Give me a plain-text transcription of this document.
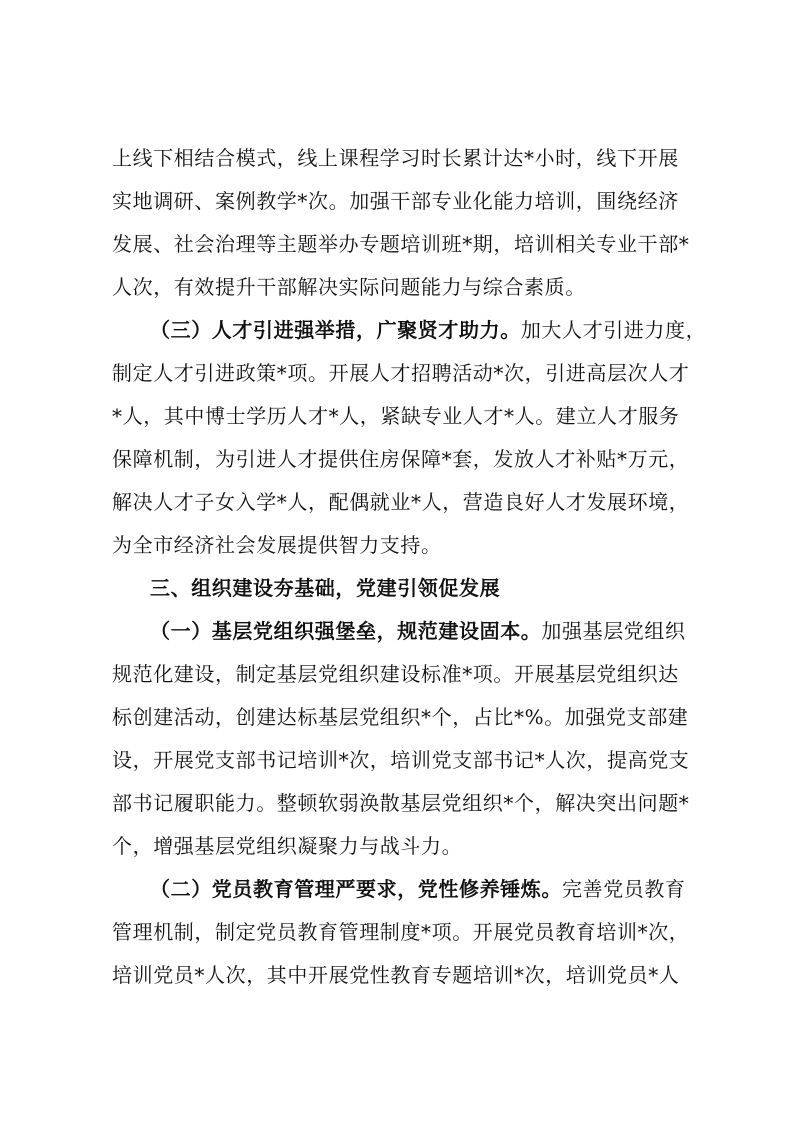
上线下相结合模式，线上课程学习时长累计达*小时，线下开展
实地调研、案例教学*次。加强干部专业化能力培训，围绕经济
发展、社会治理等主题举办专题培训班*期，培训相关专业干部*
人次，有效提升干部解决实际问题能力与综合素质。
（三）人才引进强举措，广聚贤才助力。加大人才引进力度，
制定人才引进政策*项。开展人才招聘活动*次，引进高层次人才
*人，其中博士学历人才*人，紧缺专业人才*人。建立人才服务
保障机制，为引进人才提供住房保障*套，发放人才补贴*万元，
解决人才子女入学*人，配偶就业*人，营造良好人才发展环境，
为全市经济社会发展提供智力支持。
三、组织建设夯基础，党建引领促发展
（一）基层党组织强堡垒，规范建设固本。加强基层党组织
规范化建设，制定基层党组织建设标准*项。开展基层党组织达
标创建活动，创建达标基层党组织*个，占比*%。加强党支部建
设，开展党支部书记培训*次，培训党支部书记*人次，提高党支
部书记履职能力。整顿软弱涣散基层党组织*个，解决突出问题*
个，增强基层党组织凝聚力与战斗力。
（二）党员教育管理严要求，党性修养锤炼。完善党员教育
管理机制，制定党员教育管理制度*项。开展党员教育培训*次，
培训党员*人次，其中开展党性教育专题培训*次，培训党员*人
